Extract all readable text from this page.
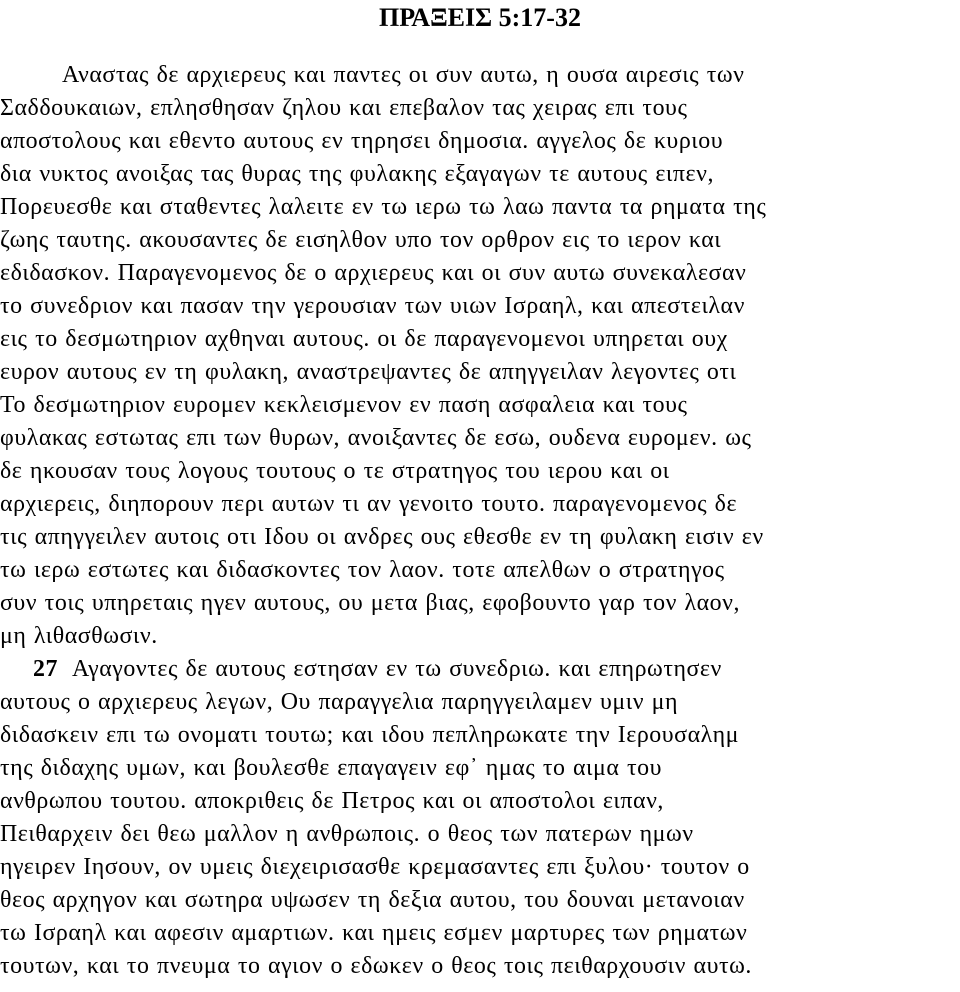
ΠΡΑΞΕΙΣ 5:17-32
Αναστας δε αρχιερευς και παντες οι συν αυτω, η ουσα αιρεσις των
Σαδδουκαιων, επλησθησαν ζηλου και επεβαλον τας χειρας επι τους
αποστολους και εθεντο αυτους εν τηρησει δημοσια. αγγελος δε κυριου
δια νυκτος ανοιξας τας θυρας της φυλακης εξαγαγων τε αυτους ειπεν,
Πορευεσθε και σταθεντες λαλειτε εν τω ιερω τω λαω παντα τα ρηματα της
ζωης ταυτης. ακουσαντες δε εισηλθον υπο τον ορθρον εις το ιερον και
εδιδασκον. Παραγενομενος δε ο αρχιερευς και οι συν αυτω συνεκαλεσαν
το συνεδριον και πασαν την γερουσιαν των υιων Ισραηλ, και απεστειλαν
εις το δεσμωτηριον αχθηναι αυτους. οι δε παραγενομενοι υπηρεται ουχ
ευρον αυτους εν τη φυλακη, αναστρεψαντες δε απηγγειλαν λεγοντες οτι
Το δεσμωτηριον ευρομεν κεκλεισμενον εν παση ασφαλεια και τους
φυλακας εστωτας επι των θυρων, ανοιξαντες δε εσω, ουδενα ευρομεν. ως
δε ηκουσαν τους λογους τουτους ο τε στρατηγος του ιερου και οι
αρχιερεις, διηπορουν περι αυτων τι αν γενοιτο τουτο. παραγενομενος δε
τις απηγγειλεν αυτοις οτι Ιδου οι ανδρες ους εθεσθε εν τη φυλακη εισιν εν
τω ιερω εστωτες και διδασκοντες τον λαον. τοτε απελθων ο στρατηγος
συν τοις υπηρεταις ηγεν αυτους, ου μετα βιας, εφοβουντο γαρ τον λαον,
μη λιθασθωσιν.
27 Αγαγοντες δε αυτους εστησαν εν τω συνεδριω. και επηρωτησεν
αυτους ο αρχιερευς λεγων, Ου παραγγελια παρηγγειλαμεν υμιν μη
διδασκειν επι τω ονοματι τουτω; και ιδου πεπληρωκατε την Ιερουσαλημ
της διδαχης υμων, και βουλεσθε επαγαγειν εφ᾽ ημας το αιμα του
ανθρωπου τουτου. αποκριθεις δε Πετρος και οι αποστολοι ειπαν,
Πειθαρχειν δει θεω μαλλον η ανθρωποις. ο θεος των πατερων ημων
ηγειρεν Ιησουν, ον υμεις διεχειρισασθε κρεμασαντες επι ξυλου· τουτον ο
θεος αρχηγον και σωτηρα υψωσεν τη δεξια αυτου, του δουναι μετανοιαν
τω Ισραηλ και αφεσιν αμαρτιων. και ημεις εσμεν μαρτυρες των ρηματων
τουτων, και το πνευμα το αγιον ο εδωκεν ο θεος τοις πειθαρχουσιν αυτω.
